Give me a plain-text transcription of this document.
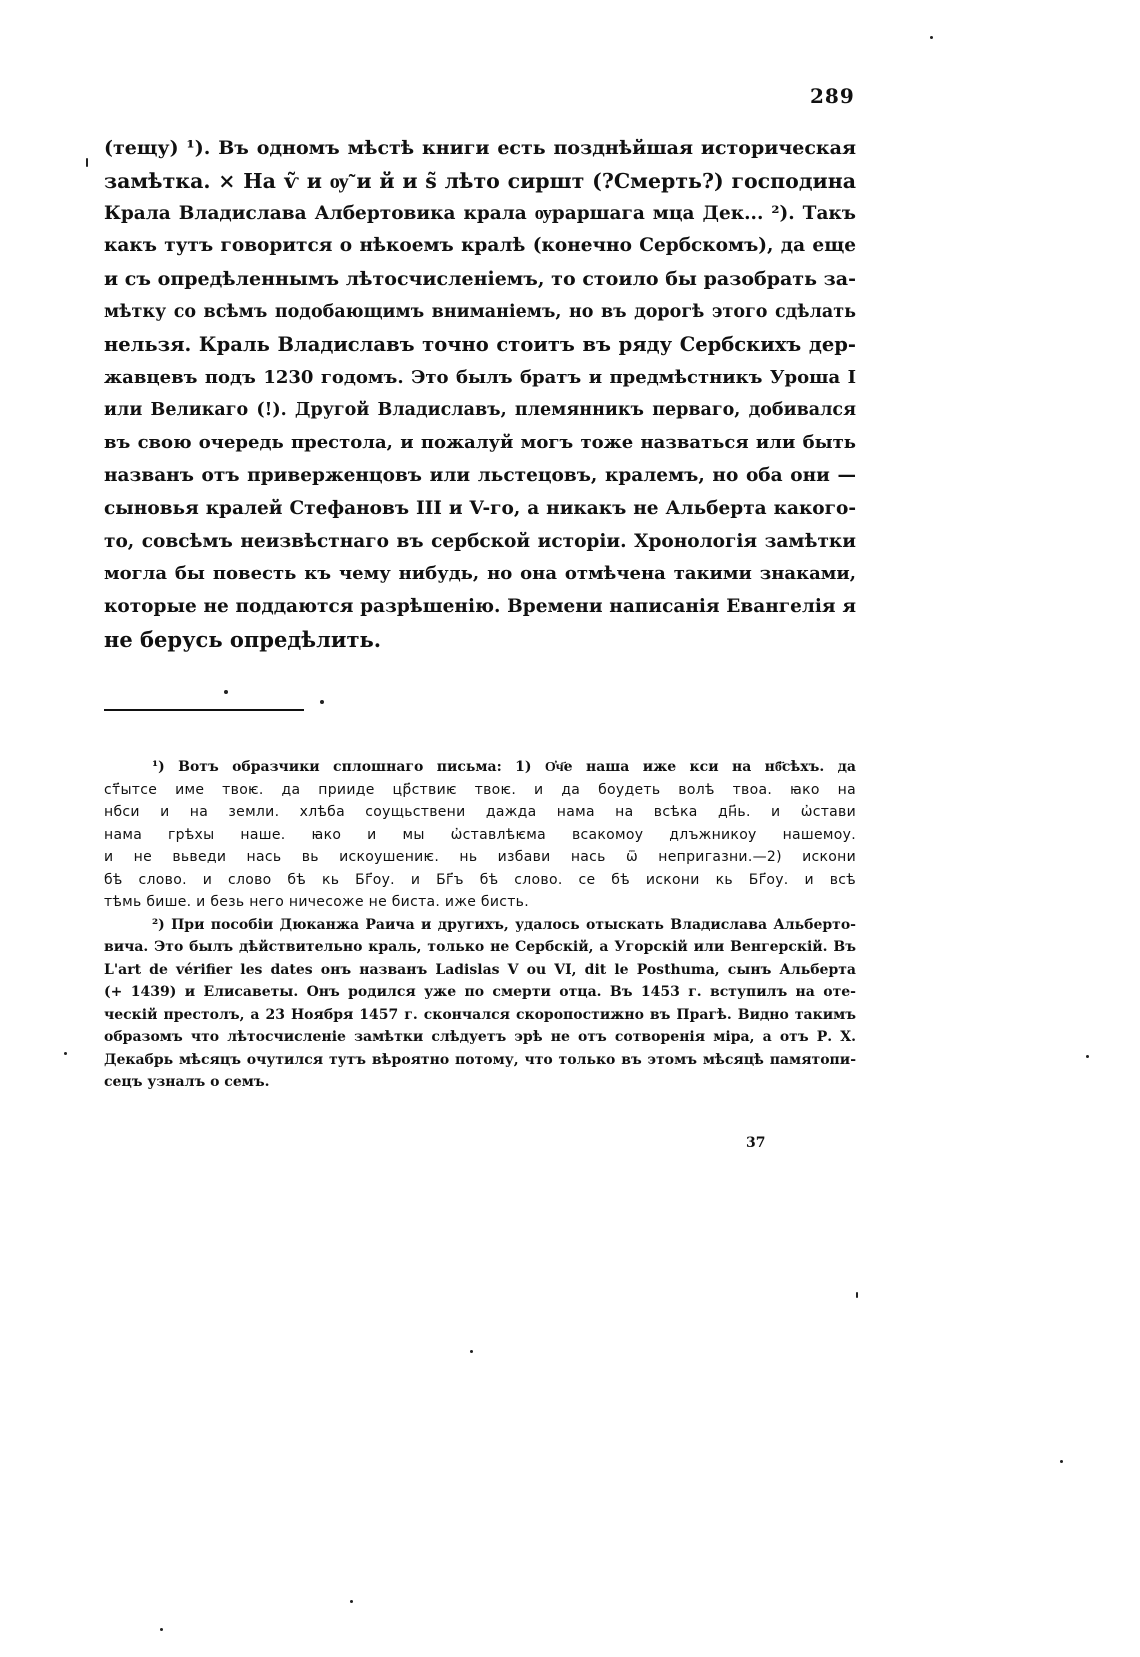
289
(тещу) ¹). Въ одномъ мѣстѣ книги есть позднѣйшая историческая
замѣтка. × На ѵ̃ и ѹ̃ и й и ѕ̃ лѣто сиршт (?Смерть?) господина
Крала Владислава Албертовика крала ѹраршага мца Дек... ²). Такъ
какъ тутъ говорится о нѣкоемъ кралѣ (конечно Сербскомъ), да еще
и съ опредѣленнымъ лѣтосчисленіемъ, то стоило бы разобрать за-
мѣтку со всѣмъ подобающимъ вниманіемъ, но въ дорогѣ этого сдѣлать
нельзя. Краль Владиславъ точно стоитъ въ ряду Сербскихъ дер-
жавцевъ подъ 1230 годомъ. Это былъ братъ и предмѣстникъ Уроша I
или Великаго (!). Другой Владиславъ, племянникъ перваго, добивался
въ свою очередь престола, и пожалуй могъ тоже назваться или быть
названъ отъ приверженцовъ или льстецовъ, кралемъ, но оба они —
сыновья кралей Стефановъ III и V-го, а никакъ не Альберта какого-
то, совсѣмъ неизвѣстнаго въ сербской исторіи. Хронологія замѣтки
могла бы повесть къ чему нибудь, но она отмѣчена такими знаками,
которые не поддаются разрѣшенію. Времени написанія Евангелія я
не берусь опредѣлить.
¹) Вотъ образчики сплошнаго письма: 1) О҆ч҃е наша иже кси на нб҃сѣхъ. да
ст҃ытсе име твоѥ. да прииде цр҃ствиѥ твоѥ. и да боудеть волѣ твоа. ꙗко на
нбси и на земли. хлѣба соущьствени дажда нама на всѣка дн҃ь. и ѡ҆стави
нама грѣхы наше. ꙗко и мы ѡ҆ставлѣѥма всакомоу длъжникоу нашемоу.
и не вьведи нась вь искоушениѥ. нь избави нась ѿ непригазни.—2) искони
бѣ слово. и слово бѣ кь Бг҃оу. и Бг҃ъ бѣ слово. се бѣ искони кь Бг҃оу. и всѣ
тѣмь бише. и безь него ничесоже не биста. иже бисть.
²) При пособіи Дюканжа Раича и другихъ, удалось отыскать Владислава Альберто-
вича. Это былъ дѣйствительно краль, только не Сербскій, а Угорскій или Венгерскій. Въ
L'art de vérifier les dates онъ названъ Ladislas V ou VI, dit le Posthuma, сынъ Альберта
(+ 1439) и Елисаветы. Онъ родился уже по смерти отца. Въ 1453 г. вступилъ на оте-
ческій престолъ, а 23 Ноября 1457 г. скончался скоропостижно въ Прагѣ. Видно такимъ
образомъ что лѣтосчисленіе замѣтки слѣдуетъ эрѣ не отъ сотворенія міра, а отъ Р. Х.
Декабрь мѣсяцъ очутился тутъ вѣроятно потому, что только въ этомъ мѣсяцѣ памятопи-
сецъ узналъ о семъ.
37
